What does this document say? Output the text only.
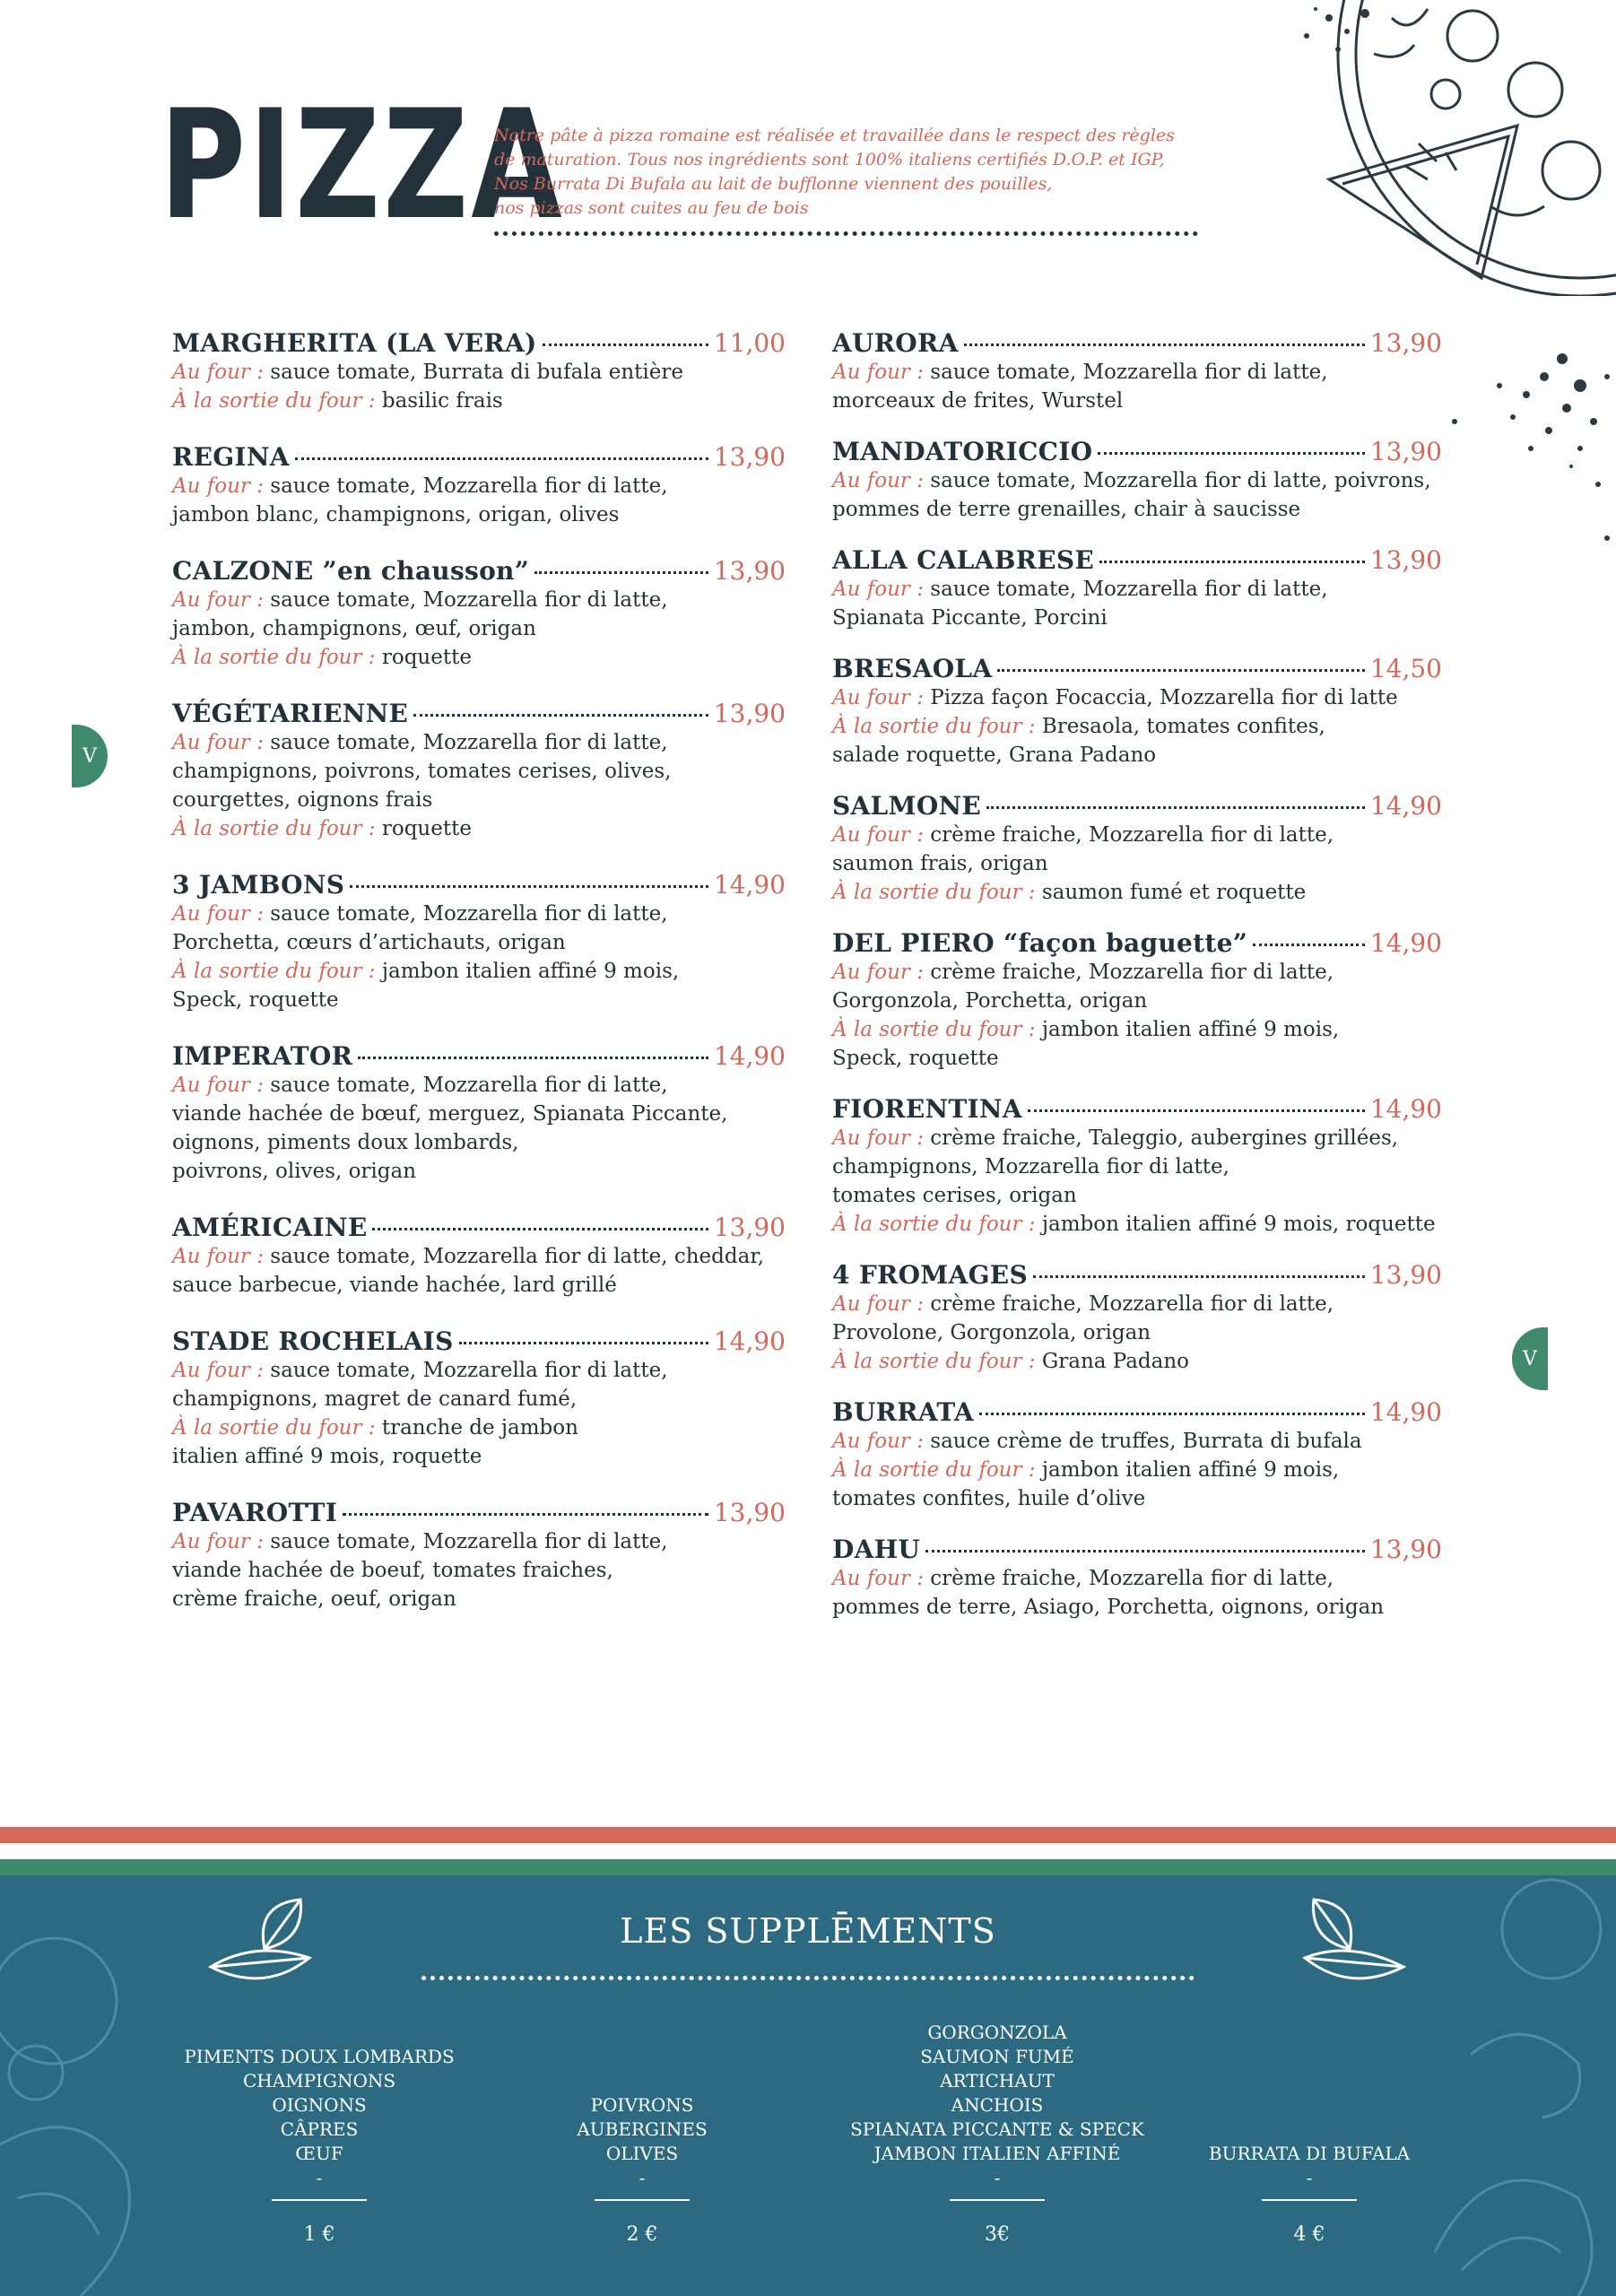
PIZZA
Notre pâte à pizza romaine est réalisée et travaillée dans le respect des règles
de maturation. Tous nos ingrédients sont 100% italiens certifiés D.O.P. et IGP,
Nos Burrata Di Bufala au lait de bufflonne viennent des pouilles,
nos pizzas sont cuites au feu de bois
MARGHERITA (LA VERA)	11,00
Au four : sauce tomate, Burrata di bufala entière
À la sortie du four : basilic frais
REGINA	13,90
Au four : sauce tomate, Mozzarella fior di latte,
jambon blanc, champignons, origan, olives
CALZONE ”en chausson”	13,90
Au four : sauce tomate, Mozzarella fior di latte,
jambon, champignons, œuf, origan
À la sortie du four : roquette
VÉGÉTARIENNE	13,90
Au four : sauce tomate, Mozzarella fior di latte,
champignons, poivrons, tomates cerises, olives,
courgettes, oignons frais
À la sortie du four : roquette
3 JAMBONS	14,90
Au four : sauce tomate, Mozzarella fior di latte,
Porchetta, cœurs d’artichauts, origan
À la sortie du four : jambon italien affiné 9 mois,
Speck, roquette
IMPERATOR	14,90
Au four : sauce tomate, Mozzarella fior di latte,
viande hachée de bœuf, merguez, Spianata Piccante,
oignons, piments doux lombards,
poivrons, olives, origan
AMÉRICAINE	13,90
Au four : sauce tomate, Mozzarella fior di latte, cheddar,
sauce barbecue, viande hachée, lard grillé
STADE ROCHELAIS	14,90
Au four : sauce tomate, Mozzarella fior di latte,
champignons, magret de canard fumé,
À la sortie du four : tranche de jambon
italien affiné 9 mois, roquette
PAVAROTTI	13,90
Au four : sauce tomate, Mozzarella fior di latte,
viande hachée de boeuf, tomates fraiches,
crème fraiche, oeuf, origan
AURORA	13,90
Au four : sauce tomate, Mozzarella fior di latte,
morceaux de frites, Wurstel
MANDATORICCIO	13,90
Au four : sauce tomate, Mozzarella fior di latte, poivrons,
pommes de terre grenailles, chair à saucisse
ALLA CALABRESE	13,90
Au four : sauce tomate, Mozzarella fior di latte,
Spianata Piccante, Porcini
BRESAOLA	14,50
Au four : Pizza façon Focaccia, Mozzarella fior di latte
À la sortie du four : Bresaola, tomates confites,
salade roquette, Grana Padano
SALMONE	14,90
Au four : crème fraiche, Mozzarella fior di latte,
saumon frais, origan
À la sortie du four : saumon fumé et roquette
DEL PIERO “façon baguette”	14,90
Au four : crème fraiche, Mozzarella fior di latte,
Gorgonzola, Porchetta, origan
À la sortie du four : jambon italien affiné 9 mois,
Speck, roquette
FIORENTINA	14,90
Au four : crème fraiche, Taleggio, aubergines grillées,
champignons, Mozzarella fior di latte,
tomates cerises, origan
À la sortie du four : jambon italien affiné 9 mois, roquette
4 FROMAGES	13,90
Au four : crème fraiche, Mozzarella fior di latte,
Provolone, Gorgonzola, origan
À la sortie du four : Grana Padano
BURRATA	14,90
Au four : sauce crème de truffes, Burrata di bufala
À la sortie du four : jambon italien affiné 9 mois,
tomates confites, huile d’olive
DAHU	13,90
Au four : crème fraiche, Mozzarella fior di latte,
pommes de terre, Asiago, Porchetta, oignons, origan
V
V
LES SUPPLĒMENTS
PIMENTS DOUX LOMBARDS
CHAMPIGNONS
OIGNONS
CÂPRES
ŒUF
-
1 €
POIVRONS
AUBERGINES
OLIVES
-
2 €
GORGONZOLA
SAUMON FUMÉ
ARTICHAUT
ANCHOIS
SPIANATA PICCANTE & SPECK
JAMBON ITALIEN AFFINÉ
-
3€
BURRATA DI BUFALA
-
4 €
